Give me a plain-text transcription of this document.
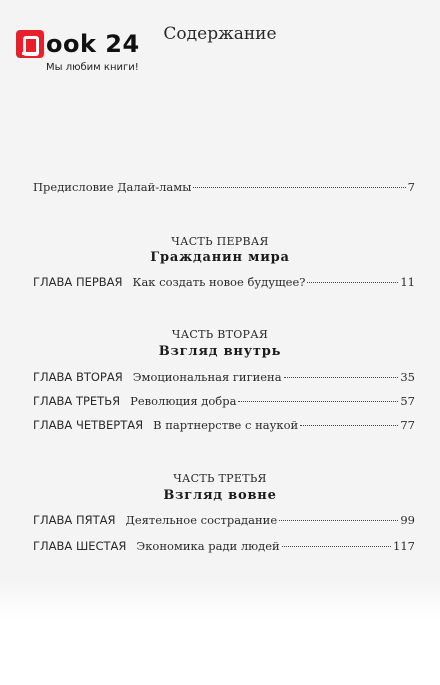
ook 24
Мы любим книги!
Содержание
Предисловие Далай-ламы	7
ЧАСТЬ ПЕРВАЯ
Гражданин мира
ГЛАВА ПЕРВАЯ Как создать новое будущее?	11
ЧАСТЬ ВТОРАЯ
Взгляд внутрь
ГЛАВА ВТОРАЯ Эмоциональная гигиена	35
ГЛАВА ТРЕТЬЯ Революция добра	57
ГЛАВА ЧЕТВЕРТАЯ В партнерстве с наукой	77
ЧАСТЬ ТРЕТЬЯ
Взгляд вовне
ГЛАВА ПЯТАЯ Деятельное сострадание	99
ГЛАВА ШЕСТАЯ Экономика ради людей	117
